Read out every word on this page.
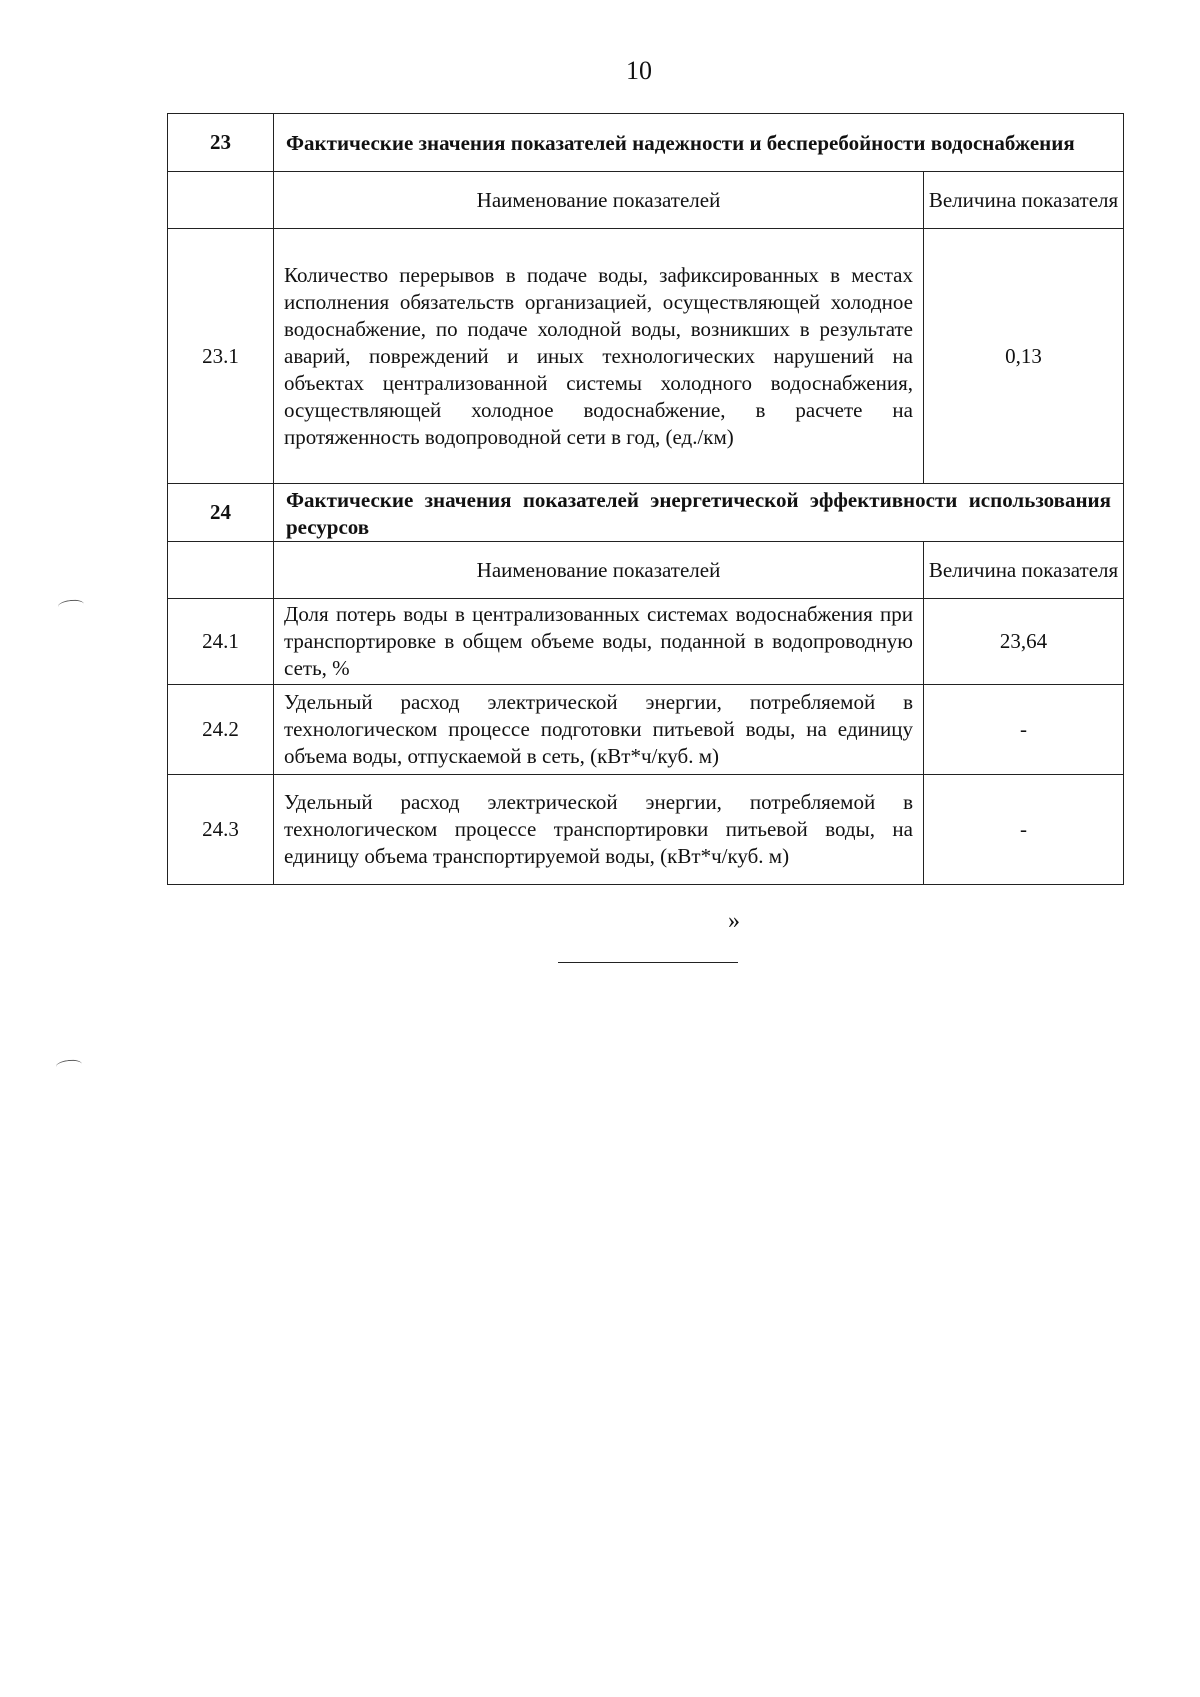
10
23	Фактические значения показателей надежности и бесперебойности водоснабжения	
	Наименование показателей	Величина показателя
23.1	Количество перерывов в подаче воды, зафиксированных в местах исполнения обязательств организацией, осуществляющей холодное водоснабжение, по подаче холодной воды, возникших в результате аварий, повреждений и иных технологических нарушений на объектах централизованной системы холодного водоснабжения, осуществляющей холодное водоснабжение, в расчете на протяженность водопроводной сети в год, (ед./км)	0,13
24	Фактические значения показателей энергетической эффективности использования ресурсов	
	Наименование показателей	Величина показателя
24.1	Доля потерь воды в централизованных системах водоснабжения при транспортировке в общем объеме воды, поданной в водопроводную сеть, %	23,64
24.2	Удельный расход электрической энергии, потребляемой в технологическом процессе подготовки питьевой воды, на единицу объема воды, отпускаемой в сеть, (кВт*ч/куб. м)	-
24.3	Удельный расход электрической энергии, потребляемой в технологическом процессе транспортировки питьевой воды, на единицу объема транспортируемой воды, (кВт*ч/куб. м)	-
»
